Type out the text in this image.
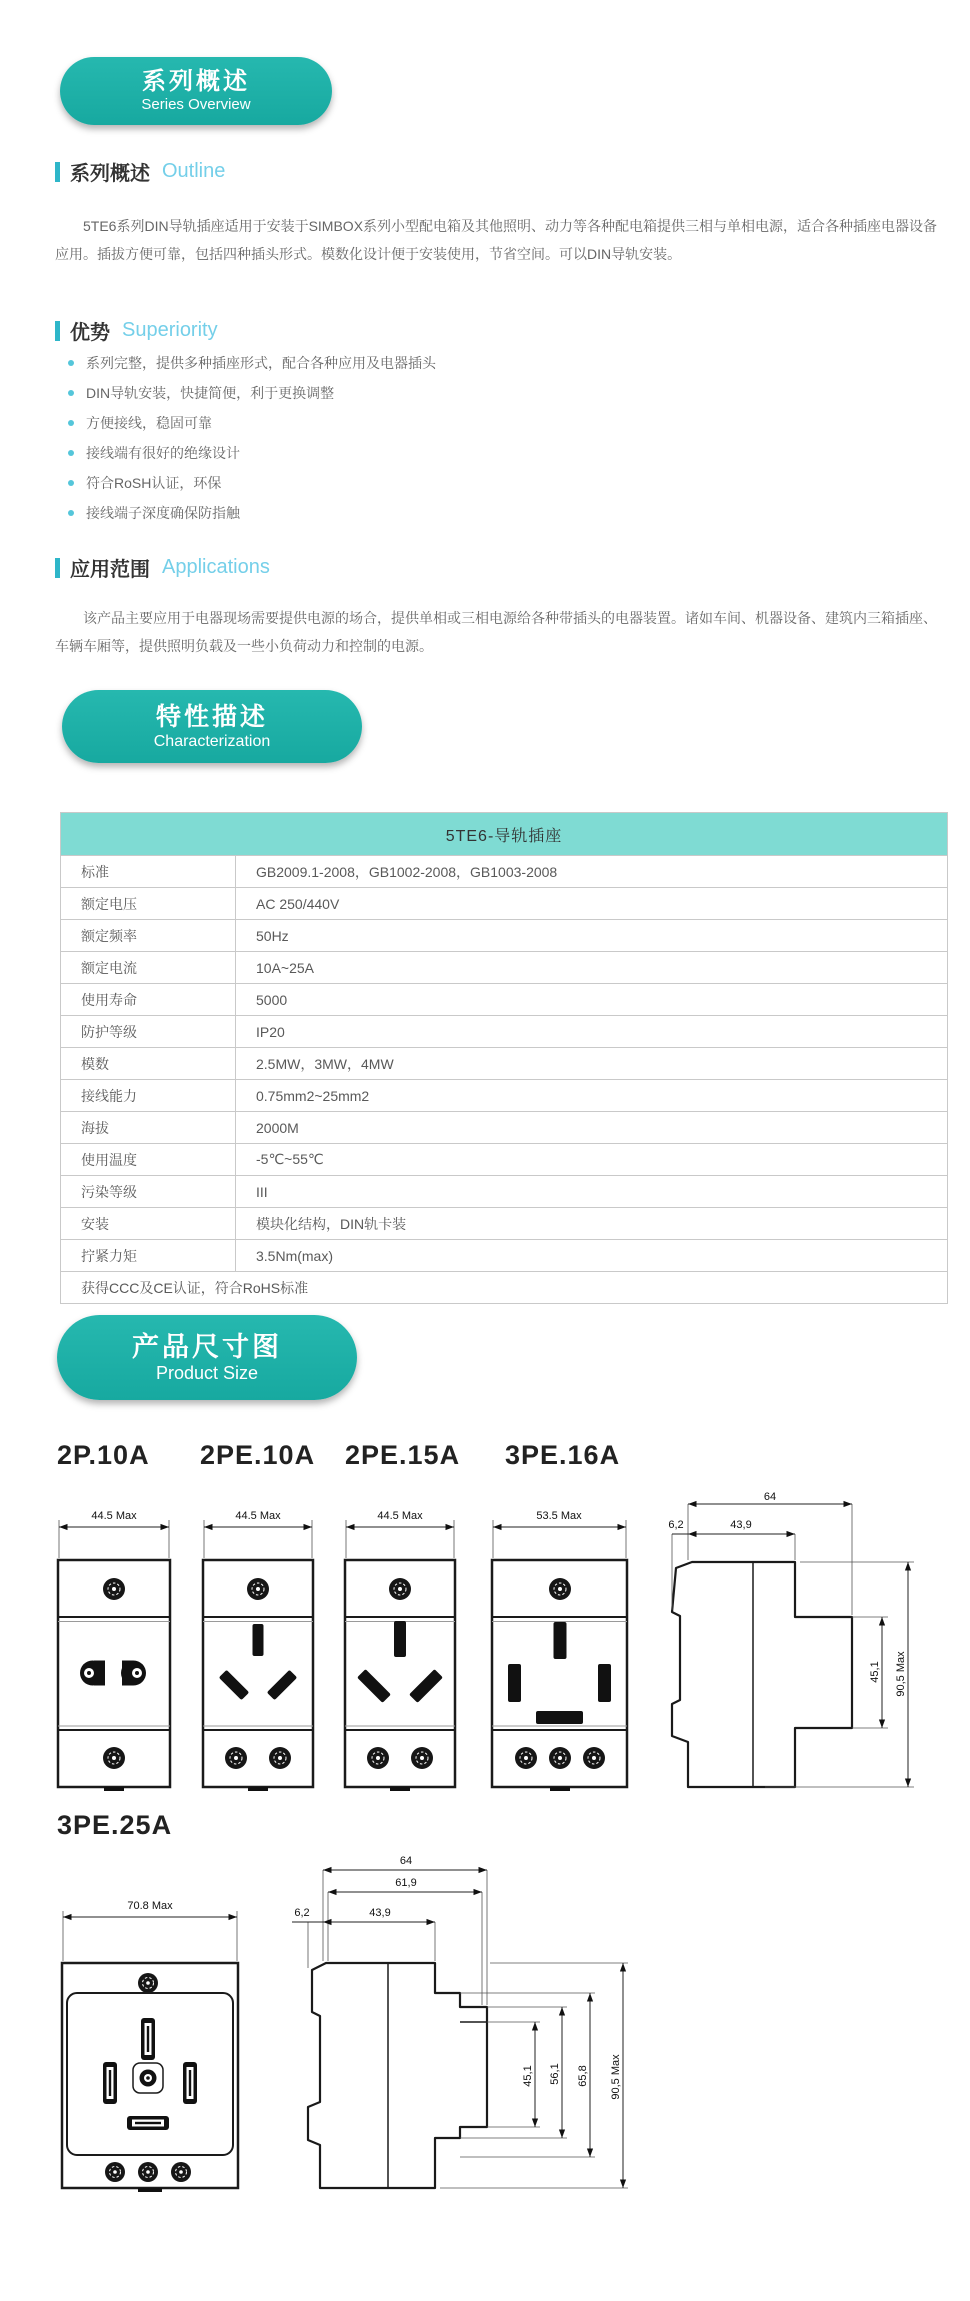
系列概述
Series Overview
系列概述 Outline

5TE6系列DIN导轨插座适用于安装于SIMBOX系列小型配电箱及其他照明、动力等各种配电箱提供三相与单相电源，适合各种插座电器设备应用。插拔方便可靠，包括四种插头形式。模数化设计便于安装使用，节省空间。可以DIN导轨安装。

优势 Superiority
系列完整，提供多种插座形式，配合各种应用及电器插头
DIN导轨安装，快捷简便，利于更换调整
方便接线，稳固可靠
接线端有很好的绝缘设计
符合RoSH认证，环保
接线端子深度确保防指触
应用范围 Applications

该产品主要应用于电器现场需要提供电源的场合，提供单相或三相电源给各种带插头的电器装置。诸如车间、机器设备、建筑内三箱插座、车辆车厢等，提供照明负载及一些小负荷动力和控制的电源。

特性描述
Characterization
5TE6-导轨插座	
标准	GB2009.1-2008，GB1002-2008，GB1003-2008
额定电压	AC 250/440V
额定频率	50Hz
额定电流	10A~25A
使用寿命	5000
防护等级	IP20
模数	2.5MW，3MW，4MW
接线能力	0.75mm2~25mm2
海拔	2000M
使用温度	-5℃~55℃
污染等级	III
安装	模块化结构，DIN轨卡装
拧紧力矩	3.5Nm(max)
获得CCC及CE认证，符合RoHS标准	
产品尺寸图
Product Size
2P.10A 2PE.10A 2PE.15A 3PE.16A
44.5 Max	44.5 Max	44.5 Max	53.5 Max
64
6,2	43,9
45,1 90,5 Max
3PE.25A
70.8 Max
64
61,9
6,2	43,9
45,1 56,1 65,8 90,5 Max
